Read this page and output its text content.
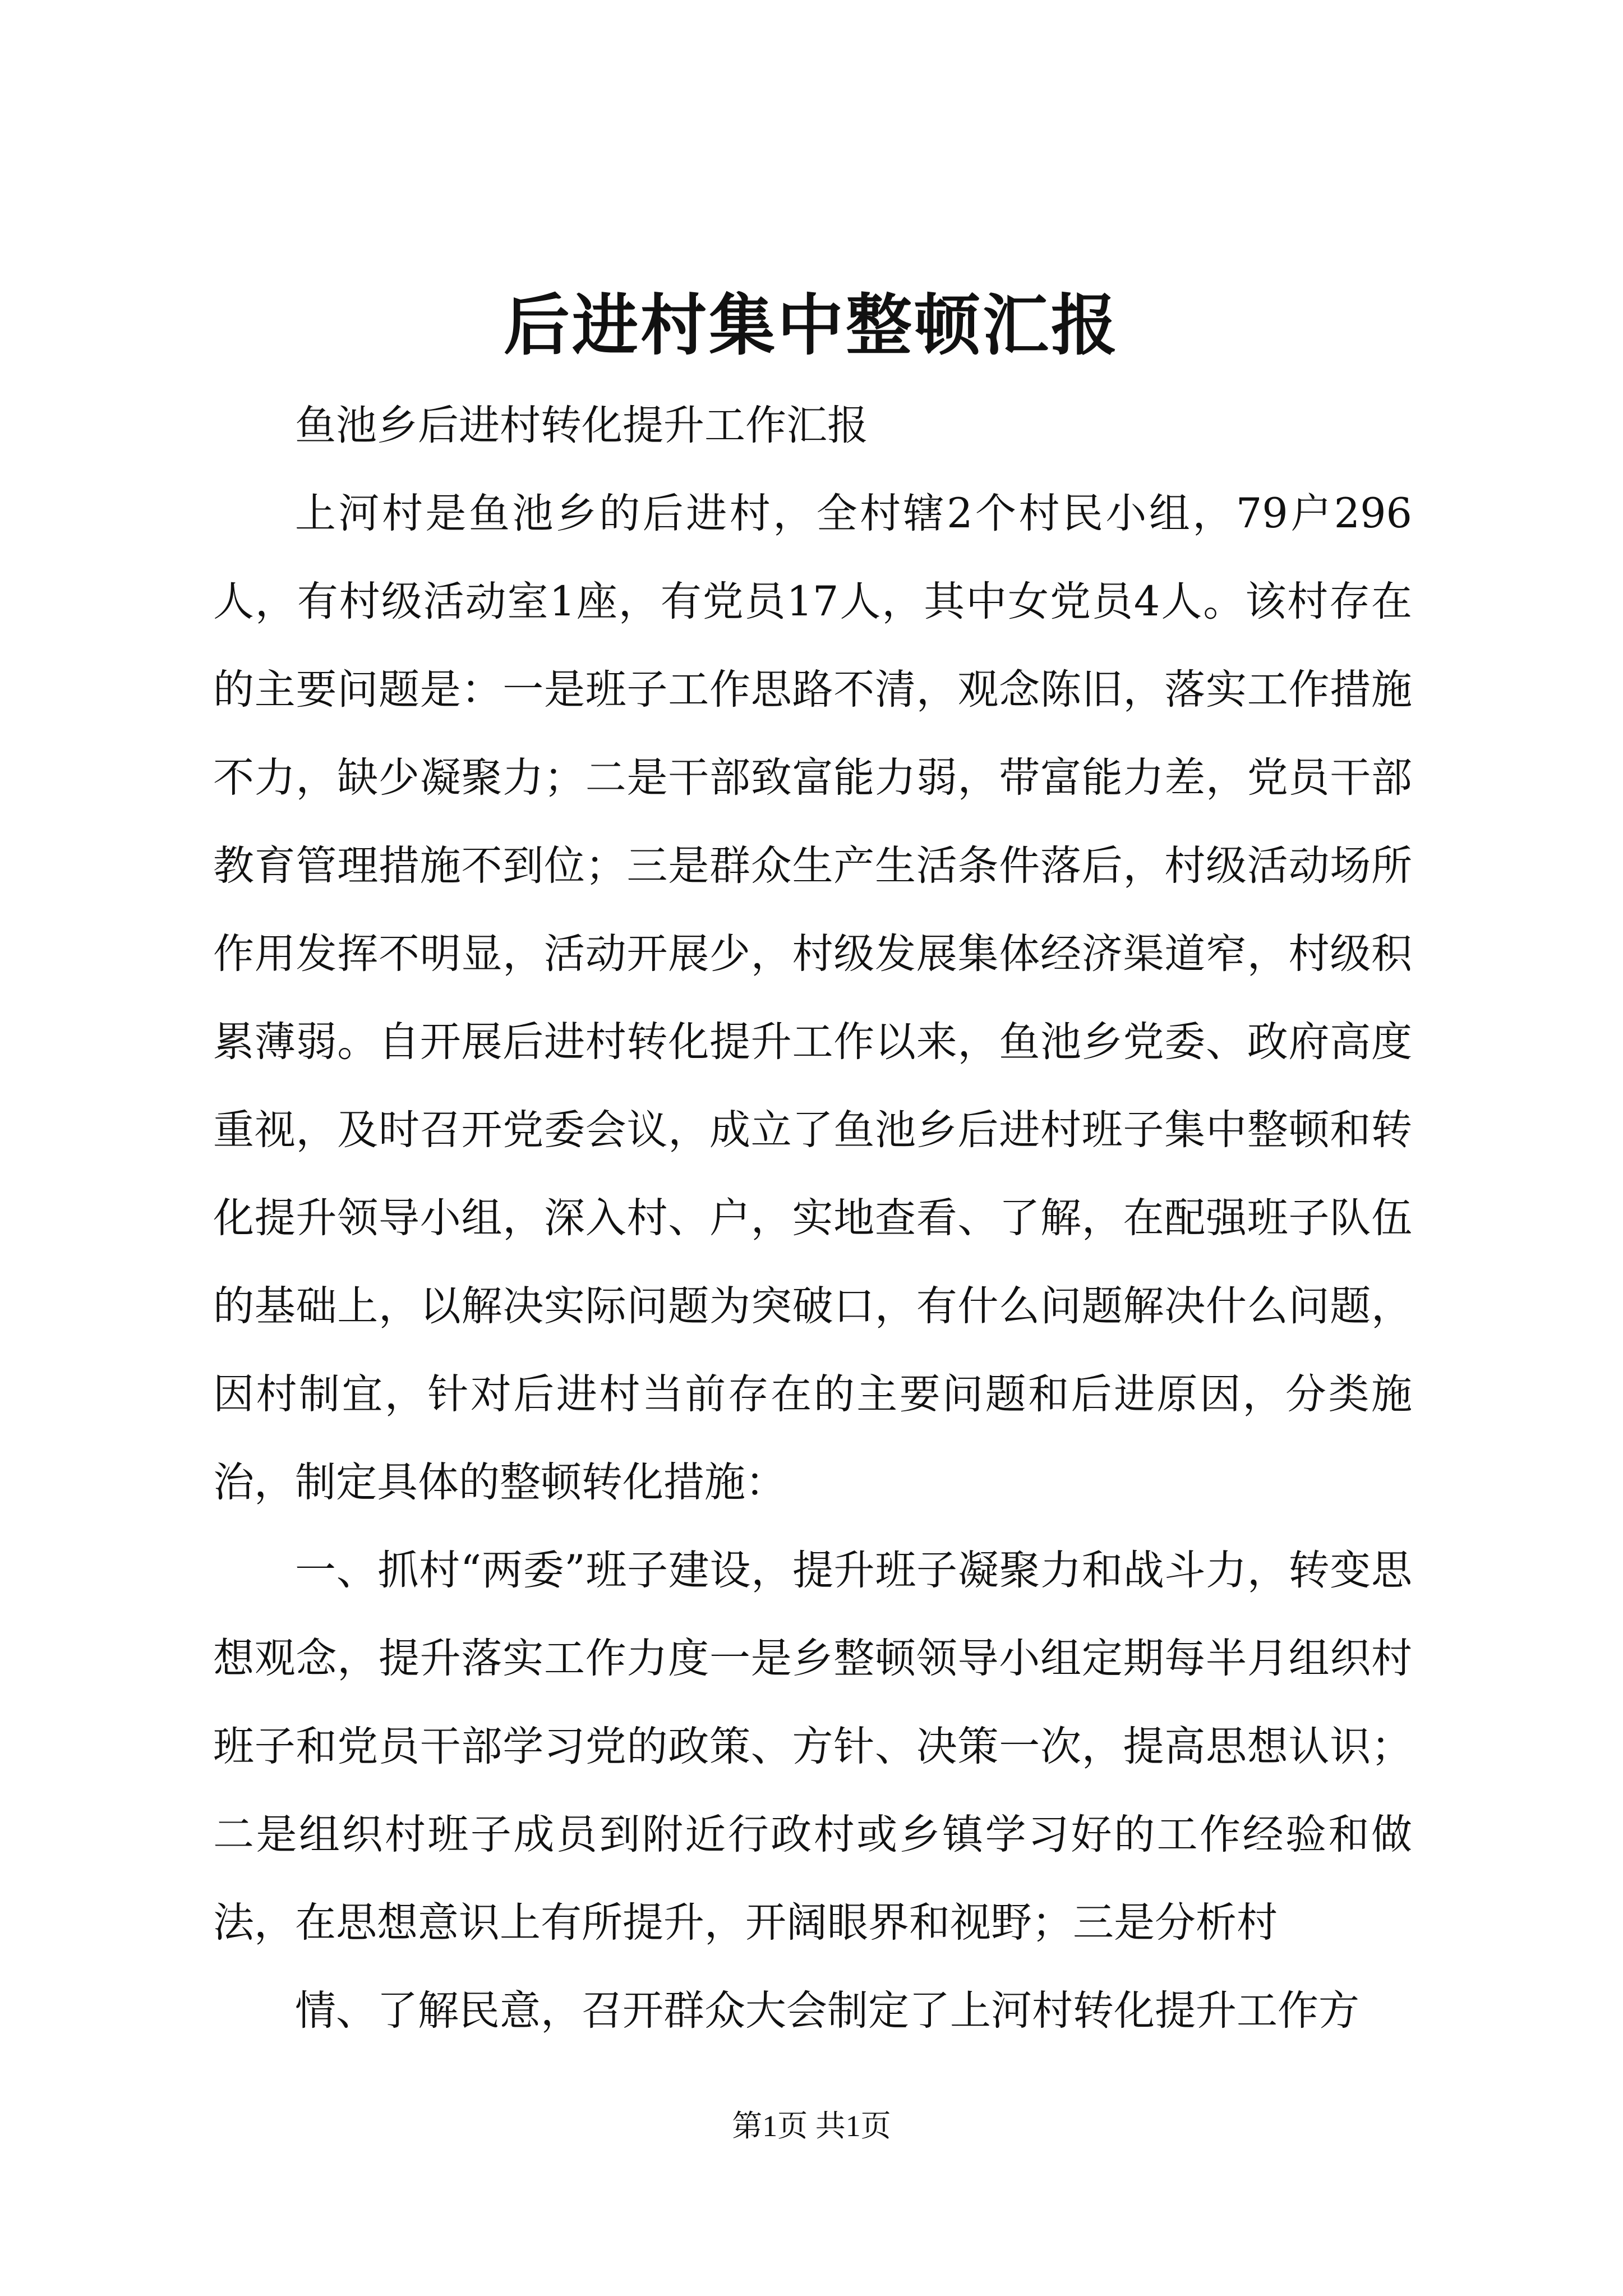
后进村集中整顿汇报

鱼池乡后进村转化提升工作汇报

上河村是鱼池乡的后进村，全村辖2个村民小组，79户296人，有村级活动室1座，有党员17人，其中女党员4人。该村存在的主要问题是：一是班子工作思路不清，观念陈旧，落实工作措施不力，缺少凝聚力；二是干部致富能力弱，带富能力差，党员干部教育管理措施不到位；三是群众生产生活条件落后，村级活动场所作用发挥不明显，活动开展少，村级发展集体经济渠道窄，村级积累薄弱。自开展后进村转化提升工作以来，鱼池乡党委、政府高度重视，及时召开党委会议，成立了鱼池乡后进村班子集中整顿和转化提升领导小组，深入村、户，实地查看、了解，在配强班子队伍的基础上，以解决实际问题为突破口，有什么问题解决什么问题，因村制宜，针对后进村当前存在的主要问题和后进原因，分类施治，制定具体的整顿转化措施：

一、抓村“两委”班子建设，提升班子凝聚力和战斗力，转变思想观念，提升落实工作力度一是乡整顿领导小组定期每半月组织村班子和党员干部学习党的政策、方针、决策一次，提高思想认识；二是组织村班子成员到附近行政村或乡镇学习好的工作经验和做法，在思想意识上有所提升，开阔眼界和视野；三是分析村

情、了解民意，召开群众大会制定了上河村转化提升工作方

第1页 共1页
